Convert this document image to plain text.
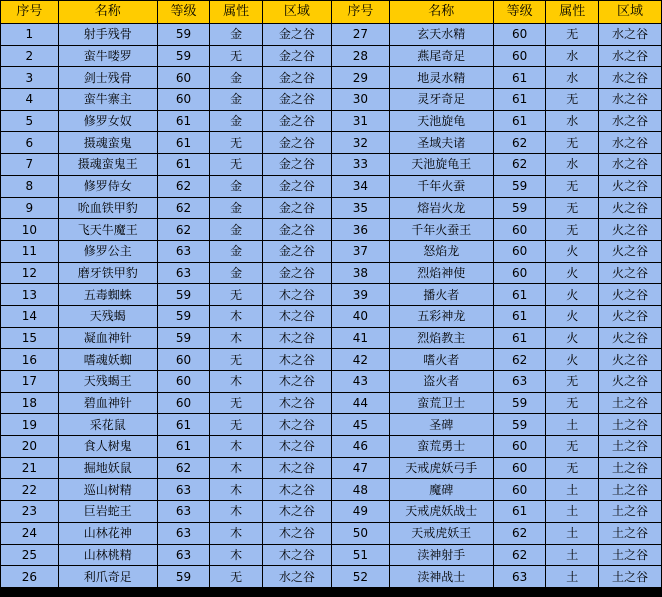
序号	名称	等级	属性	区域	序号	名称	等级	属性	区域
1	射手残骨	59	金	金之谷	27	玄天水精	60	无	水之谷
2	蛮牛喽罗	59	无	金之谷	28	燕尾奇足	60	水	水之谷
3	剑士残骨	60	金	金之谷	29	地灵水精	61	水	水之谷
4	蛮牛寨主	60	金	金之谷	30	灵牙奇足	61	无	水之谷
5	修罗女奴	61	金	金之谷	31	天池旋龟	61	水	水之谷
6	摄魂蛮鬼	61	无	金之谷	32	圣域夫诸	62	无	水之谷
7	摄魂蛮鬼王	61	无	金之谷	33	天池旋龟王	62	水	水之谷
8	修罗侍女	62	金	金之谷	34	千年火蚕	59	无	火之谷
9	吮血铁甲豹	62	金	金之谷	35	熔岩火龙	59	无	火之谷
10	飞天牛魔王	62	金	金之谷	36	千年火蚕王	60	无	火之谷
11	修罗公主	63	金	金之谷	37	怒焰龙	60	火	火之谷
12	磨牙铁甲豹	63	金	金之谷	38	烈焰神使	60	火	火之谷
13	五毒蜘蛛	59	无	木之谷	39	播火者	61	火	火之谷
14	天残蝎	59	木	木之谷	40	五彩神龙	61	火	火之谷
15	凝血神针	59	木	木之谷	41	烈焰教主	61	火	火之谷
16	嗜魂妖蜘	60	无	木之谷	42	嗜火者	62	火	火之谷
17	天残蝎王	60	木	木之谷	43	盗火者	63	无	火之谷
18	碧血神针	60	无	木之谷	44	蛮荒卫士	59	无	土之谷
19	采花鼠	61	无	木之谷	45	圣碑	59	土	土之谷
20	食人树鬼	61	木	木之谷	46	蛮荒勇士	60	无	土之谷
21	掘地妖鼠	62	木	木之谷	47	天戒虎妖弓手	60	无	土之谷
22	巡山树精	63	木	木之谷	48	魔碑	60	土	土之谷
23	巨岩蛇王	63	木	木之谷	49	天戒虎妖战士	61	土	土之谷
24	山林花神	63	木	木之谷	50	天戒虎妖王	62	土	土之谷
25	山林桃精	63	木	木之谷	51	渎神射手	62	土	土之谷
26	利爪奇足	59	无	水之谷	52	渎神战士	63	土	土之谷
